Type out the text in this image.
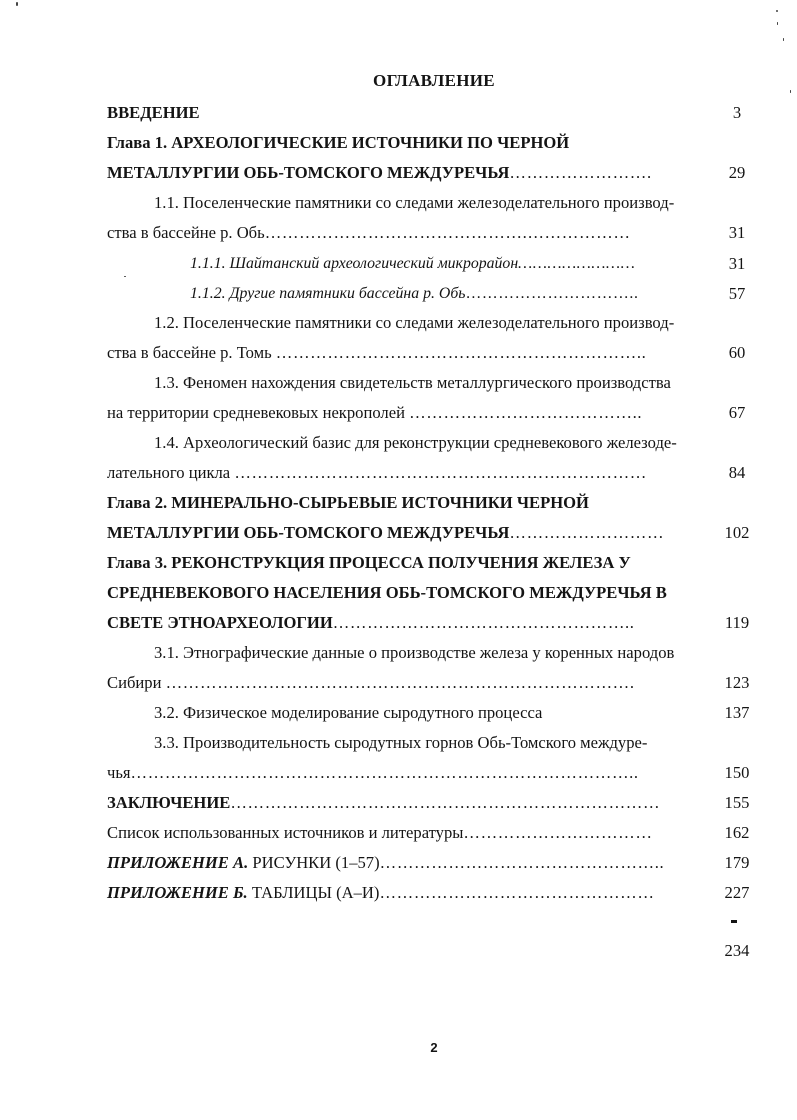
ОГЛАВЛЕНИЕ
ВВЕДЕНИЕ	3
Глава 1. АРХЕОЛОГИЧЕСКИЕ ИСТОЧНИКИ ПО ЧЕРНОЙ
МЕТАЛЛУРГИИ ОБЬ-ТОМСКОГО МЕЖДУРЕЧЬЯ…………………….	29
1.1. Поселенческие памятники со следами железоделательного производ-
ства в бассейне р. Обь……………………………………….………………	31
1.1.1. Шайтанский археологический микрорайон……………………	31
1.1.2. Другие памятники бассейна р. Обь…………………………..	57
1.2. Поселенческие памятники со следами железоделательного производ-
ства в бассейне р. Томь ………………………………………………………..	60
1.3. Феномен нахождения свидетельств металлургического производства
на территории средневековых некрополей …………………………………..	67
1.4. Археологический базис для реконструкции средневекового железоде-
лательного цикла ………………………………………………………………	84
Глава 2. МИНЕРАЛЬНО-СЫРЬЕВЫЕ ИСТОЧНИКИ ЧЕРНОЙ
МЕТАЛЛУРГИИ ОБЬ-ТОМСКОГО МЕЖДУРЕЧЬЯ………………………	102
Глава 3. РЕКОНСТРУКЦИЯ ПРОЦЕССА ПОЛУЧЕНИЯ ЖЕЛЕЗА У
СРЕДНЕВЕКОВОГО НАСЕЛЕНИЯ ОБЬ-ТОМСКОГО МЕЖДУРЕЧЬЯ В
СВЕТЕ ЭТНОАРХЕОЛОГИИ……………………………………………..	119
3.1. Этнографические данные о производстве железа у коренных народов
Сибири ……………………………………………………………………….	123
3.2. Физическое моделирование сыродутного процесса	137
3.3. Производительность сыродутных горнов Обь-Томского междуре-
чья……………………………………………………………………………..	150
ЗАКЛЮЧЕНИЕ…………………………………………………………………	155
Список использованных источников и литературы……………………………	162
ПРИЛОЖЕНИЕ А. РИСУНКИ (1–57)…………………………………………..	179
ПРИЛОЖЕНИЕ Б. ТАБЛИЦЫ (А–И)…………………………………………	227
234
2
